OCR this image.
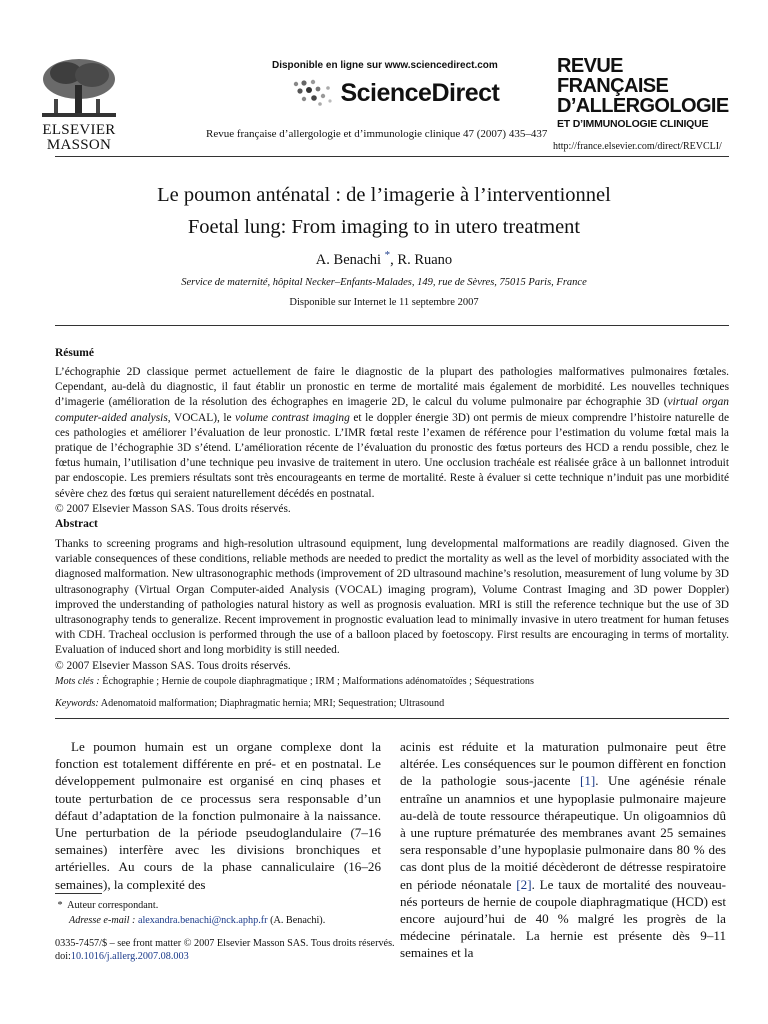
ELSEVIER
MASSON
Disponible en ligne sur www.sciencedirect.com
ScienceDirect
Revue française d’allergologie et d’immunologie clinique 47 (2007) 435–437
REVUE FRANÇAISE
D’ALLERGOLOGIE
ET D’IMMUNOLOGIE CLINIQUE
http://france.elsevier.com/direct/REVCLI/
Le poumon anténatal : de l’imagerie à l’interventionnel
Foetal lung: From imaging to in utero treatment
A. Benachi *, R. Ruano
Service de maternité, hôpital Necker–Enfants-Malades, 149, rue de Sèvres, 75015 Paris, France
Disponible sur Internet le 11 septembre 2007
Résumé
L’échographie 2D classique permet actuellement de faire le diagnostic de la plupart des pathologies malformatives pulmonaires fœtales. Cependant, au-delà du diagnostic, il faut établir un pronostic en terme de mortalité mais également de morbidité. Les nouvelles techniques d’imagerie (amélioration de la résolution des échographes en imagerie 2D, le calcul du volume pulmonaire par échographie 3D (virtual organ computer-aided analysis, VOCAL), le volume contrast imaging et le doppler énergie 3D) ont permis de mieux comprendre l’histoire naturelle de ces pathologies et améliorer l’évaluation de leur pronostic. L’IMR fœtal reste l’examen de référence pour l’estimation du volume fœtal mais la pratique de l’échographie 3D s’étend. L’amélioration récente de l’évaluation du pronostic des fœtus porteurs des HCD a rendu possible, chez le fœtus humain, l’utilisation d’une technique peu invasive de traitement in utero. Une occlusion trachéale est réalisée grâce à un ballonnet introduit par endoscopie. Les premiers résultats sont très encourageants en terme de mortalité. Reste à évaluer si cette technique n’induit pas une morbidité sévère chez des fœtus qui seraient naturellement décédés en postnatal.
© 2007 Elsevier Masson SAS. Tous droits réservés.
Abstract
Thanks to screening programs and high-resolution ultrasound equipment, lung developmental malformations are readily diagnosed. Given the variable consequences of these conditions, reliable methods are needed to predict the mortality as well as the level of morbidity associated with the diagnosed malformation. New ultrasonographic methods (improvement of 2D ultrasound machine’s resolution, measurement of lung volume by 3D ultrasonography (Virtual Organ Computer-aided Analysis (VOCAL) imaging program), Volume Contrast Imaging and 3D power Doppler) improved the understanding of pathologies natural history as well as prognosis evaluation. MRI is still the reference technique but the use of 3D ultrasonography tends to generalize. Recent improvement in prognostic evaluation lead to minimally invasive in utero treatment for human fetuses with CDH. Tracheal occlusion is performed through the use of a balloon placed by foetoscopy. First results are encouraging in terms of mortality. Evaluation of induced short and long morbidity is still needed.
© 2007 Elsevier Masson SAS. Tous droits réservés.
Mots clés : Échographie ; Hernie de coupole diaphragmatique ; IRM ; Malformations adénomatoïdes ; Séquestrations
Keywords: Adenomatoid malformation; Diaphragmatic hernia; MRI; Sequestration; Ultrasound
Le poumon humain est un organe complexe dont la fonction est totalement différente en pré- et en postnatal. Le développement pulmonaire est organisé en cinq phases et toute perturbation de ce processus sera responsable d’un défaut d’adaptation de la fonction pulmonaire à la naissance. Une perturbation de la période pseudoglandulaire (7–16 semaines) interfère avec les divisions bronchiques et artérielles. Au cours de la phase cannaliculaire (16–26 semaines), la complexité des
acinis est réduite et la maturation pulmonaire peut être altérée. Les conséquences sur le poumon diffèrent en fonction de la pathologie sous-jacente [1]. Une agénésie rénale entraîne un anamnios et une hypoplasie pulmonaire majeure au-delà de toute ressource thérapeutique. Un oligoamnios dû à une rupture prématurée des membranes avant 25 semaines sera responsable d’une hypoplasie pulmonaire dans 80 % des cas dont plus de la moitié décèderont de détresse respiratoire en période néonatale [2]. Le taux de mortalité des nouveau-nés porteurs de hernie de coupole diaphragmatique (HCD) est encore aujourd’hui de 40 % malgré les progrès de la médecine périnatale. La hernie est présente dès 9–11 semaines et la
* Auteur correspondant.
Adresse e-mail : alexandra.benachi@nck.aphp.fr (A. Benachi).
0335-7457/$ – see front matter © 2007 Elsevier Masson SAS. Tous droits réservés.
doi:10.1016/j.allerg.2007.08.003
